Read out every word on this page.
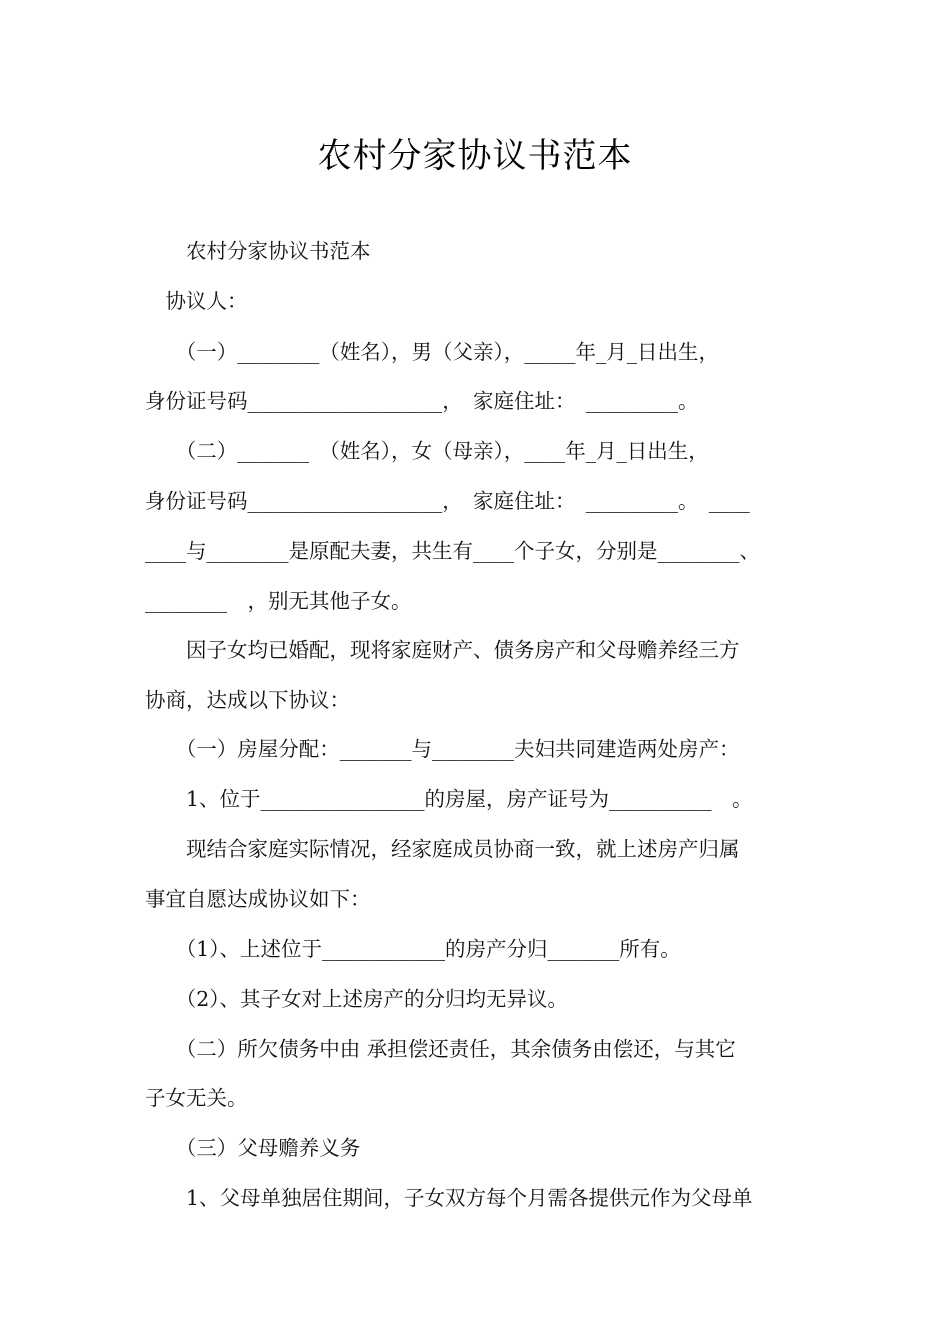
农村分家协议书范本
　　农村分家协议书范本
　协议人：
　　（一）________（姓名），男（父亲），_____年_月_日出生，
身份证号码___________________，　家庭住址：　_________。
　　（二）_______　（姓名），女（母亲），____年_月_日出生，
身份证号码___________________，　家庭住址：　_________。　____
____与________是原配夫妻，共生有____个子女，分别是________、
________　，别无其他子女。
　　因子女均已婚配，现将家庭财产、债务房产和父母赡养经三方
协商，达成以下协议：
　　（一）房屋分配：_______与________夫妇共同建造两处房产：
　　1、位于________________的房屋，房产证号为__________　。
　　现结合家庭实际情况，经家庭成员协商一致，就上述房产归属
事宜自愿达成协议如下：
　　（1）、上述位于____________的房产分归_______所有。
　　（2）、其子女对上述房产的分归均无异议。
　　（二）所欠债务中由 承担偿还责任，其余债务由偿还，与其它
子女无关。
　　（三）父母赡养义务
　　1、父母单独居住期间，子女双方每个月需各提供元作为父母单
